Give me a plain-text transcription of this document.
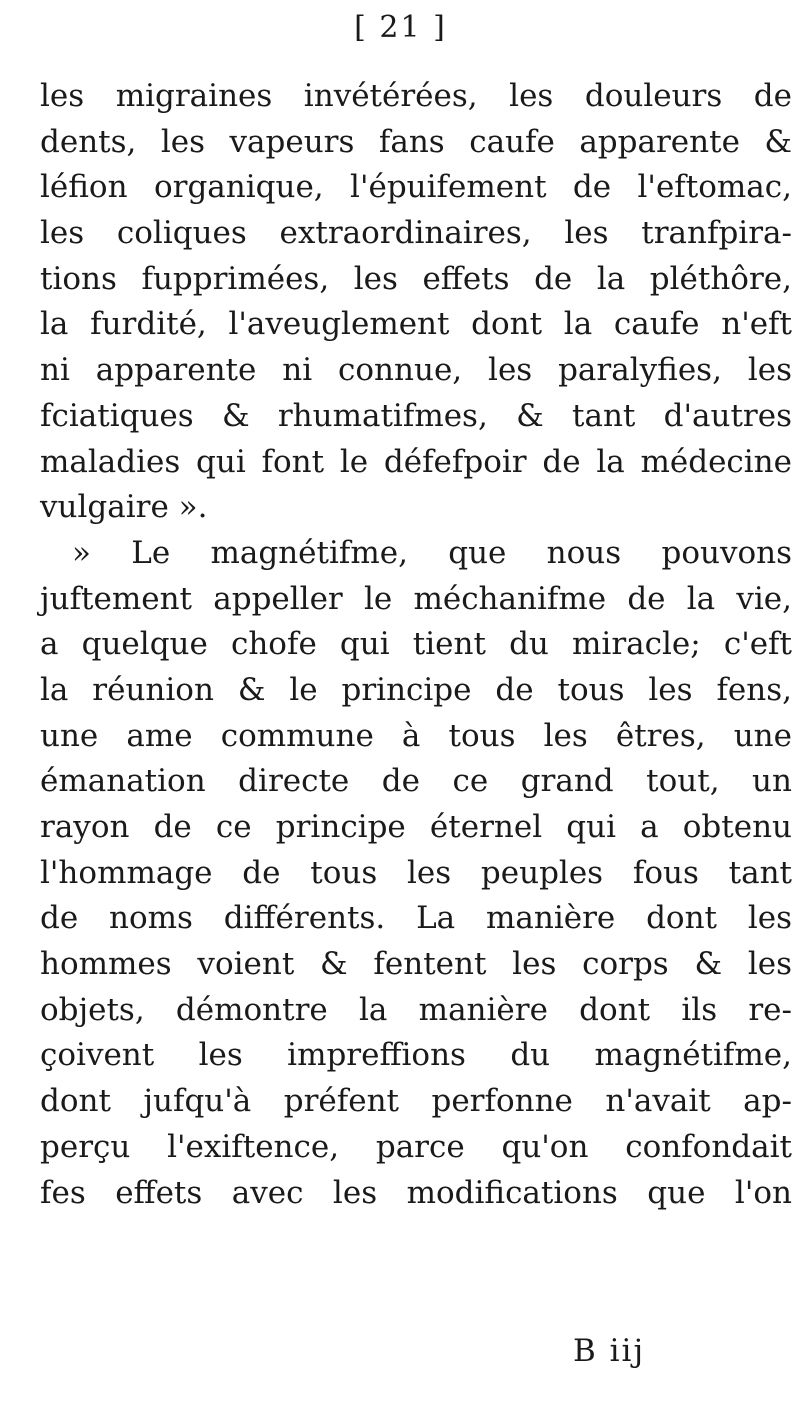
[ 21 ]
les migraines invétérées, les douleurs de
dents, les vapeurs fans caufe apparente &
léfion organique, l'épuifement de l'eftomac,
les coliques extraordinaires, les tranfpira-
tions fupprimées, les effets de la pléthôre,
la furdité, l'aveuglement dont la caufe n'eft
ni apparente ni connue, les paralyfies, les
fciatiques & rhumatifmes, & tant d'autres
maladies qui font le défefpoir de la médecine
vulgaire ».
» Le magnétifme, que nous pouvons
juftement appeller le méchanifme de la vie,
a quelque chofe qui tient du miracle; c'eft
la réunion & le principe de tous les fens,
une ame commune à tous les êtres, une
émanation directe de ce grand tout, un
rayon de ce principe éternel qui a obtenu
l'hommage de tous les peuples fous tant
de noms différents. La manière dont les
hommes voient & fentent les corps & les
objets, démontre la manière dont ils re-
çoivent les impreffions du magnétifme,
dont jufqu'à préfent perfonne n'avait ap-
perçu l'exiftence, parce qu'on confondait
fes effets avec les modifications que l'on
B iij
